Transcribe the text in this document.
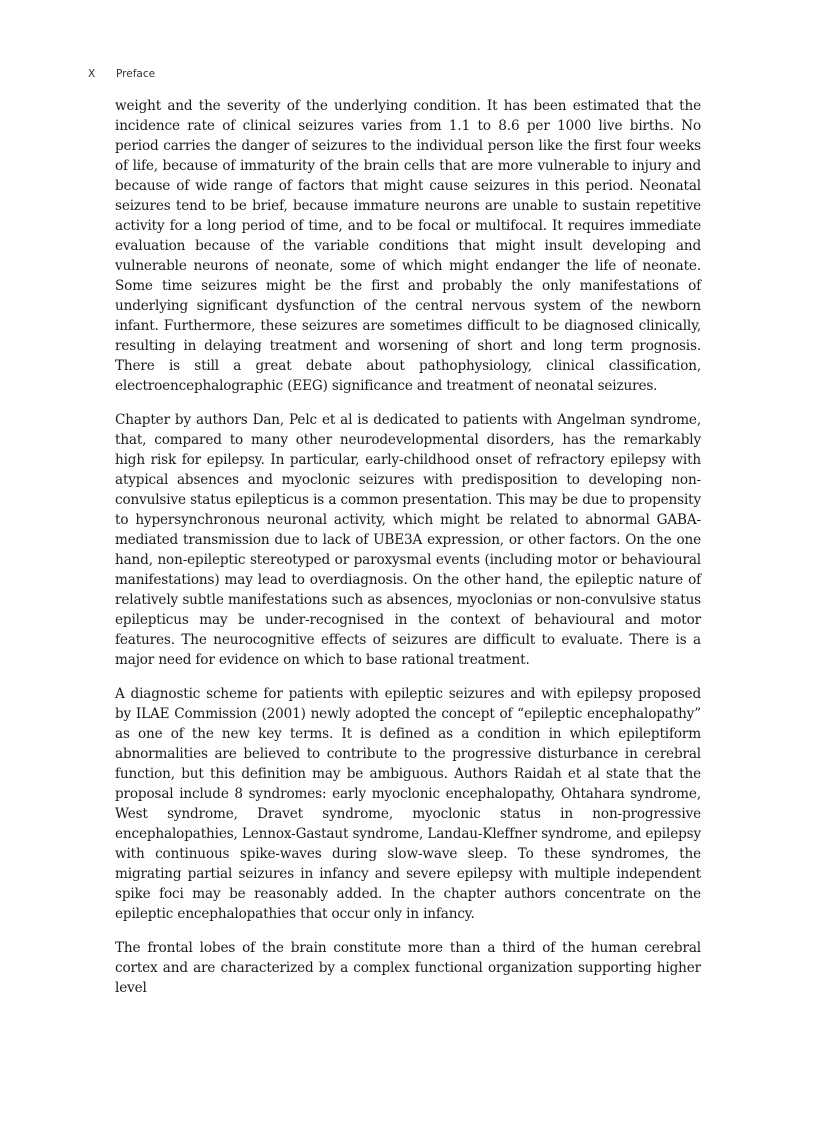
X Preface

weight and the severity of the underlying condition. It has been estimated that the incidence rate of clinical seizures varies from 1.1 to 8.6 per 1000 live births. No period carries the danger of seizures to the individual person like the first four weeks of life, because of immaturity of the brain cells that are more vulnerable to injury and because of wide range of factors that might cause seizures in this period. Neonatal seizures tend to be brief, because immature neurons are unable to sustain repetitive activity for a long period of time, and to be focal or multifocal. It requires immediate evaluation because of the variable conditions that might insult developing and vulnerable neurons of neonate, some of which might endanger the life of neonate. Some time seizures might be the first and probably the only manifestations of underlying significant dysfunction of the central nervous system of the newborn infant. Furthermore, these seizures are sometimes difficult to be diagnosed clinically, resulting in delaying treatment and worsening of short and long term prognosis. There is still a great debate about pathophysiology, clinical classification, electroencephalographic (EEG) significance and treatment of neonatal seizures.

Chapter by authors Dan, Pelc et al is dedicated to patients with Angelman syndrome, that, compared to many other neurodevelopmental disorders, has the remarkably high risk for epilepsy. In particular, early-childhood onset of refractory epilepsy with atypical absences and myoclonic seizures with predisposition to developing non-convulsive status epilepticus is a common presentation. This may be due to propensity to hypersynchronous neuronal activity, which might be related to abnormal GABA-mediated transmission due to lack of UBE3A expression, or other factors. On the one hand, non-epileptic stereotyped or paroxysmal events (including motor or behavioural manifestations) may lead to overdiagnosis. On the other hand, the epileptic nature of relatively subtle manifestations such as absences, myoclonias or non-convulsive status epilepticus may be under-recognised in the context of behavioural and motor features. The neurocognitive effects of seizures are difficult to evaluate. There is a major need for evidence on which to base rational treatment.

A diagnostic scheme for patients with epileptic seizures and with epilepsy proposed by ILAE Commission (2001) newly adopted the concept of “epileptic encephalopathy” as one of the new key terms. It is defined as a condition in which epileptiform abnormalities are believed to contribute to the progressive disturbance in cerebral function, but this definition may be ambiguous. Authors Raidah et al state that the proposal include 8 syndromes: early myoclonic encephalopathy, Ohtahara syndrome, West syndrome, Dravet syndrome, myoclonic status in non-progressive encephalopathies, Lennox-Gastaut syndrome, Landau-Kleffner syndrome, and epilepsy with continuous spike-waves during slow-wave sleep. To these syndromes, the migrating partial seizures in infancy and severe epilepsy with multiple independent spike foci may be reasonably added. In the chapter authors concentrate on the epileptic encephalopathies that occur only in infancy.

The frontal lobes of the brain constitute more than a third of the human cerebral cortex and are characterized by a complex functional organization supporting higher level
